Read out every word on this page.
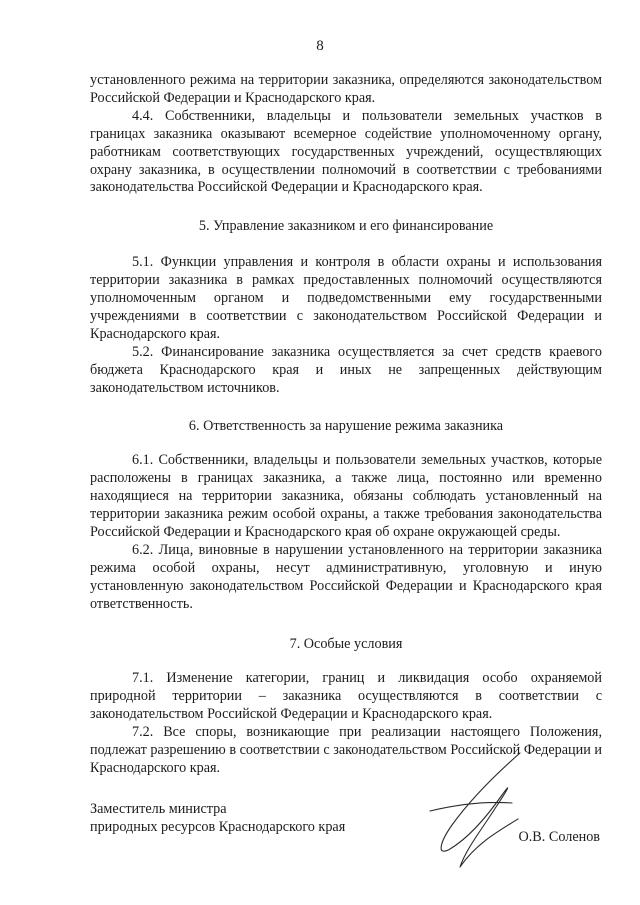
8

установленного режима на территории заказника, определяются законодательством Российской Федерации и Краснодарского края.

4.4. Собственники, владельцы и пользователи земельных участков в границах заказника оказывают всемерное содействие уполномоченному органу, работникам соответствующих государственных учреждений, осуществляющих охрану заказника, в осуществлении полномочий в соответствии с требованиями законодательства Российской Федерации и Краснодарского края.

5. Управление заказником и его финансирование

5.1. Функции управления и контроля в области охраны и использования территории заказника в рамках предоставленных полномочий осуществляются уполномоченным органом и подведомственными ему государственными учреждениями в соответствии с законодательством Российской Федерации и Краснодарского края.

5.2. Финансирование заказника осуществляется за счет средств краевого бюджета Краснодарского края и иных не запрещенных действующим законодательством источников.

6. Ответственность за нарушение режима заказника

6.1. Собственники, владельцы и пользователи земельных участков, которые расположены в границах заказника, а также лица, постоянно или временно находящиеся на территории заказника, обязаны соблюдать установленный на территории заказника режим особой охраны, а также требования законодательства Российской Федерации и Краснодарского края об охране окружающей среды.

6.2. Лица, виновные в нарушении установленного на территории заказника режима особой охраны, несут административную, уголовную и иную установленную законодательством Российской Федерации и Краснодарского края ответственность.

7. Особые условия

7.1. Изменение категории, границ и ликвидация особо охраняемой природной территории – заказника осуществляются в соответствии с законодательством Российской Федерации и Краснодарского края.

7.2. Все споры, возникающие при реализации настоящего Положения, подлежат разрешению в соответствии с законодательством Российской Федерации и Краснодарского края.

Заместитель министра
природных ресурсов Краснодарского края
О.В. Соленов
